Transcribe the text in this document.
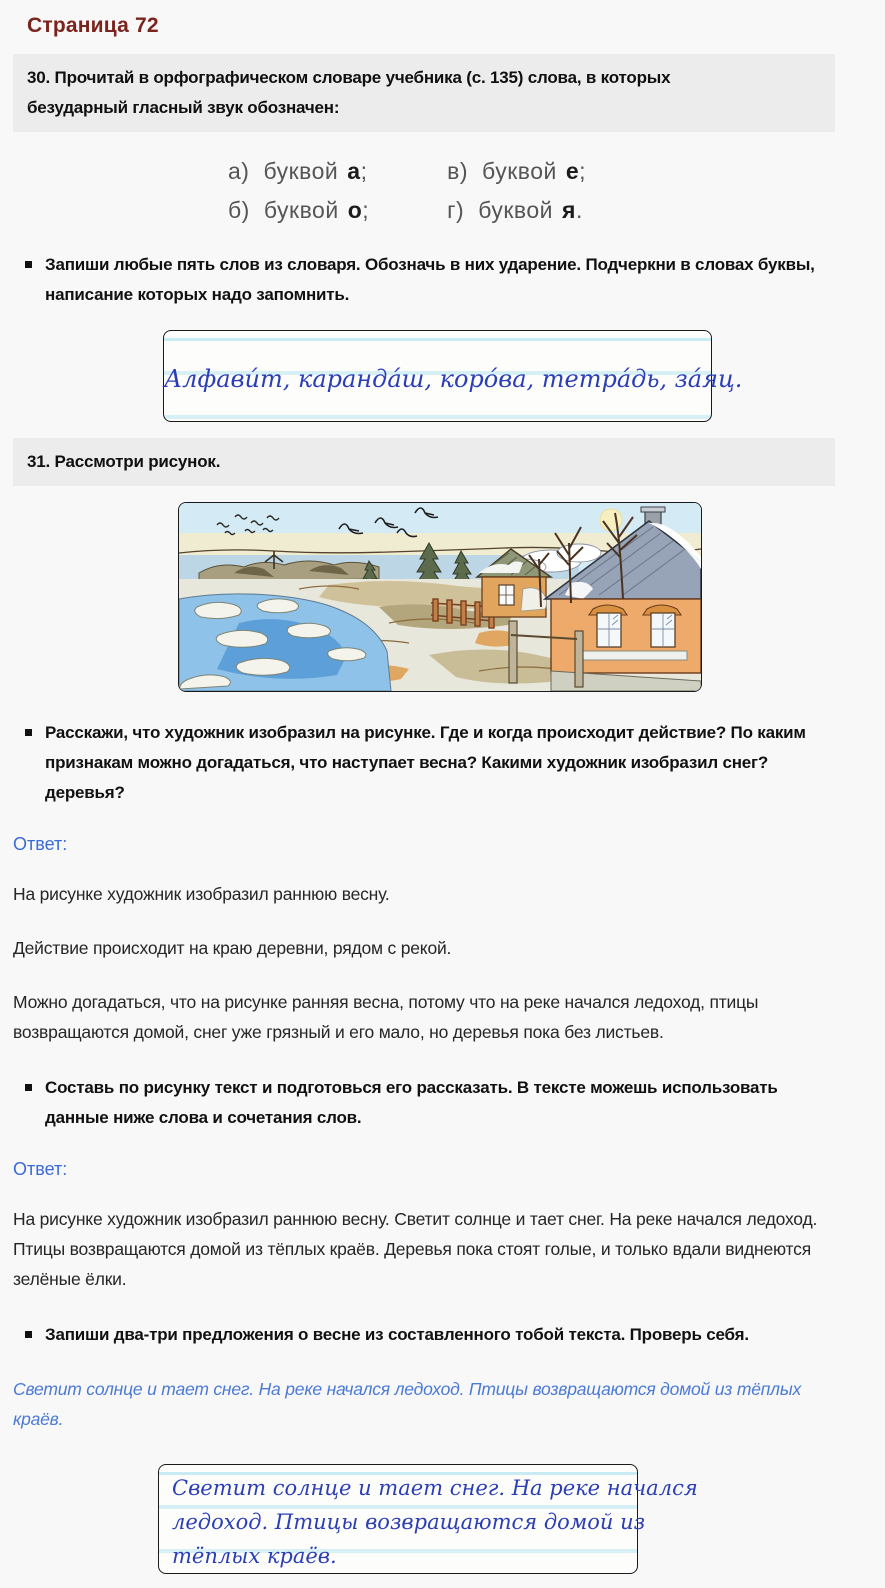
Страница 72
30. Прочитай в орфографическом словаре учебника (с. 135) слова, в которых безударный гласный звук обозначен:
а) буквой а;	в) буквой е;
б) буквой о;	г) буквой я.
Запиши любые пять слов из словаря. Обозначь в них ударение. Подчеркни в словах буквы, написание которых надо запомнить.
Алфави́т, каранда́ш, коро́ва, тетра́дь, за́яц.
31. Рассмотри рисунок.
Расскажи, что художник изобразил на рисунке. Где и когда происходит действие? По каким признакам можно догадаться, что наступает весна? Какими художник изобразил снег? деревья?
Ответ:

На рисунке художник изобразил раннюю весну.

Действие происходит на краю деревни, рядом с рекой.

Можно догадаться, что на рисунке ранняя весна, потому что на реке начался ледоход, птицы возвращаются домой, снег уже грязный и его мало, но деревья пока без листьев.

Составь по рисунку текст и подготовься его рассказать. В тексте можешь использовать данные ниже слова и сочетания слов.
Ответ:

На рисунке художник изобразил раннюю весну. Светит солнце и тает снег. На реке начался ледоход. Птицы возвращаются домой из тёплых краёв. Деревья пока стоят голые, и только вдали виднеются зелёные ёлки.

Запиши два-три предложения о весне из составленного тобой текста. Проверь себя.

Светит солнце и тает снег. На реке начался ледоход. Птицы возвращаются домой из тёплых краёв.

Светит солнце и тает снег. На реке начался
ледоход. Птицы возвращаются домой из
тёплых краёв.
